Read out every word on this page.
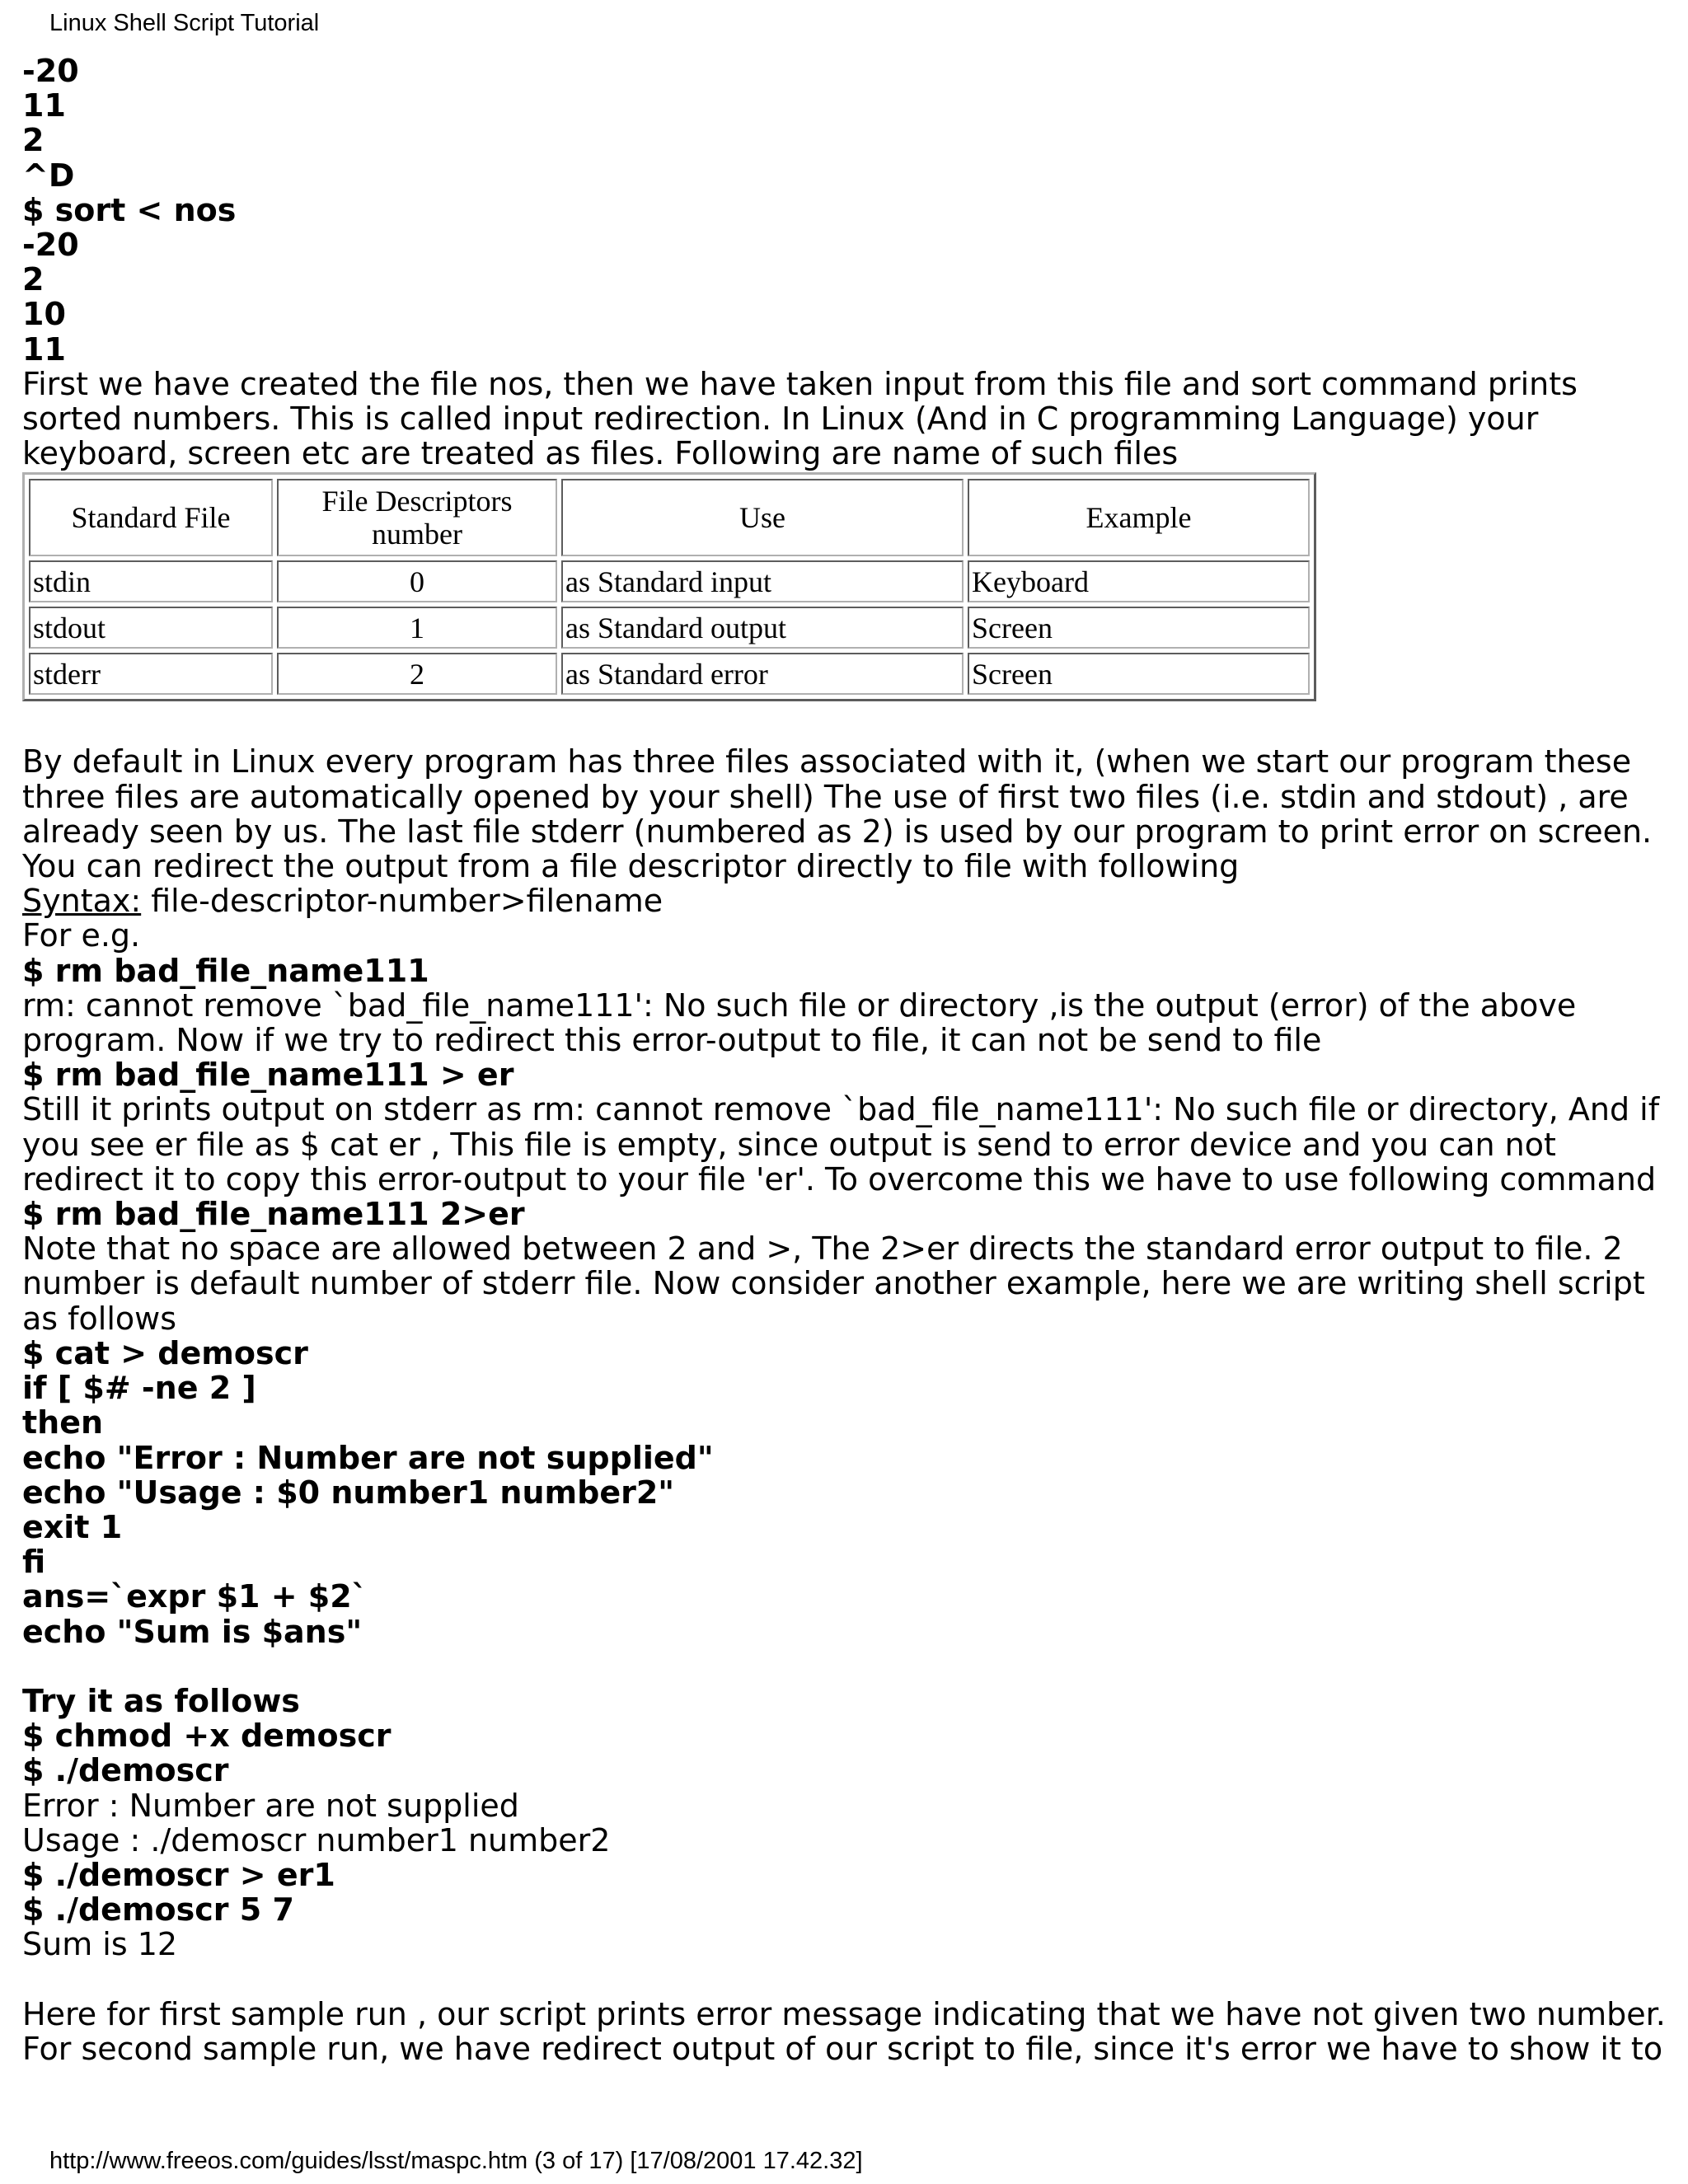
Linux Shell Script Tutorial
-20
11
2
^D
$ sort < nos
-20
2
10
11
First we have created the file nos, then we have taken input from this file and sort command prints sorted numbers. This is called input redirection. In Linux (And in C programming Language) your keyboard, screen etc are treated as files. Following are name of such files
Standard File	File Descriptors number	Use	Example
stdin	0	as Standard input	Keyboard
stdout	1	as Standard output	Screen
stderr	2	as Standard error	Screen
By default in Linux every program has three files associated with it, (when we start our program these three files are automatically opened by your shell) The use of first two files (i.e. stdin and stdout) , are already seen by us. The last file stderr (numbered as 2) is used by our program to print error on screen. You can redirect the output from a file descriptor directly to file with following
Syntax: file-descriptor-number>filename
For e.g.
$ rm bad_file_name111
rm: cannot remove `bad_file_name111': No such file or directory ,is the output (error) of the above program. Now if we try to redirect this error-output to file, it can not be send to file
$ rm bad_file_name111 > er
Still it prints output on stderr as rm: cannot remove `bad_file_name111': No such file or directory, And if you see er file as $ cat er , This file is empty, since output is send to error device and you can not redirect it to copy this error-output to your file 'er'. To overcome this we have to use following command
$ rm bad_file_name111 2>er
Note that no space are allowed between 2 and >, The 2>er directs the standard error output to file. 2 number is default number of stderr file. Now consider another example, here we are writing shell script as follows
$ cat > demoscr
if [ $# -ne 2 ]
then
echo "Error : Number are not supplied"
echo "Usage : $0 number1 number2"
exit 1
fi
ans=`expr $1 + $2`
echo "Sum is $ans"
Try it as follows
$ chmod +x demoscr
$ ./demoscr
Error : Number are not supplied
Usage : ./demoscr number1 number2
$ ./demoscr > er1
$ ./demoscr 5 7
Sum is 12
Here for first sample run , our script prints error message indicating that we have not given two number. For second sample run, we have redirect output of our script to file, since it's error we have to show it to
http://www.freeos.com/guides/lsst/maspc.htm (3 of 17) [17/08/2001 17.42.32]
